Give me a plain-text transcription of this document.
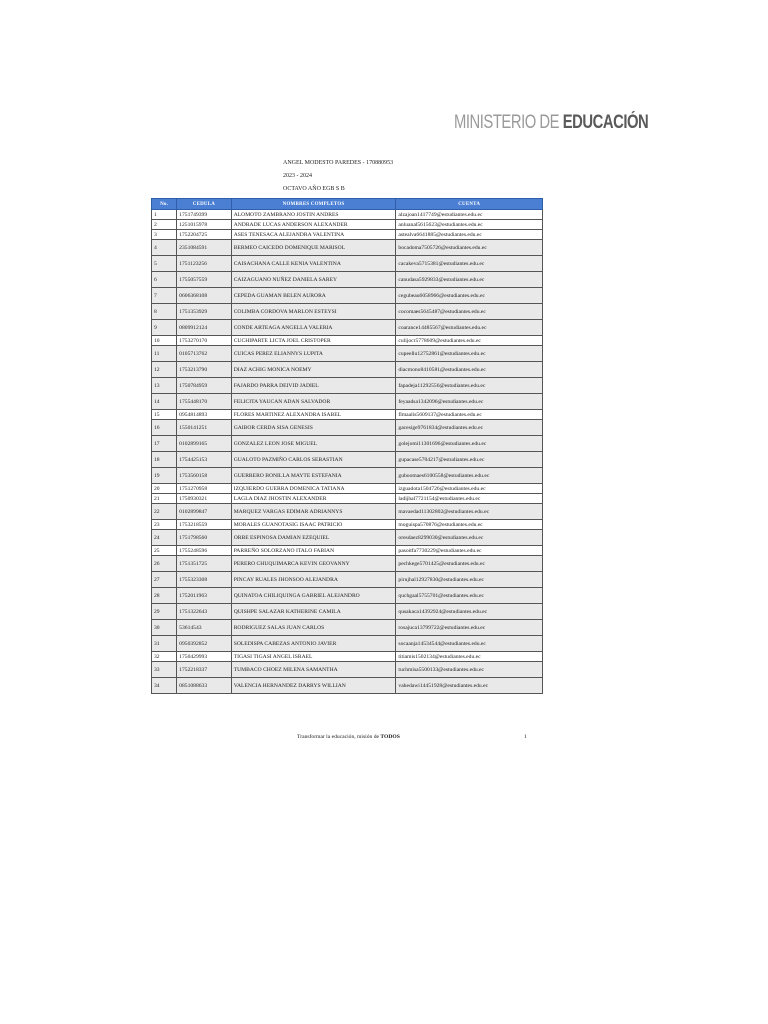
MINISTERIO DE EDUCACIÓN
ANGEL MODESTO PAREDES - 170880953
2023 - 2024
OCTAVO AÑO EGB S B
No.	CEDULA	NOMBRES COMPLETOS	CUENTA
1	1751749399	ALOMOTO ZAMBRANO JOSTIN ANDRES	alzajoan1417749@estudiantes.edu.ec
2	1251015978	ANDRADE LUCAS ANDERSON ALEXANDER	anluanal5615623@estudiantes.edu.ec
3	1752204725	ASES TENESACA ALEJANDRA VALENTINA	astealva6641885@estudiantes.edu.ec
4	2351084591	BERMEO CAICEDO DOMENIQUE MARISOL	bocadoma7505726@estudiantes.edu.ec
5	1751123256	CAISACHANA CALLE KENIA VALENTINA	cacakeva5715381@estudiantes.edu.ec
6	1755057559	CAIZAGUANO NUÑEZ DANIELA SAREY	canudasa5929833@estudiantes.edu.ec
7	0606368108	CEPEDA GUAMAN BELEN AURORA	cegubeau6058966@estudiantes.edu.ec
8	1751353929	COLIMBA CORDOVA MARLON ESTEYSI	cocomaes5645487@estudiantes.edu.ec
9	0809912124	CONDE ARTEAGA ANGELLA VALERIA	coarance14485567@estudiantes.edu.ec
10	1753270170	CUCHIPARTE LICTA JOEL CRISTOPER	culijocr5778609@estudiantes.edu.ec
11	0105713762	CUICAS PEREZ ELIANNYS LUPITA	cupeellu12752861@estudiantes.edu.ec
12	1753213790	DIAZ ACHIG MONICA NOEMY	diacmono8410581@estudiantes.edu.ec
13	1750784959	FAJARDO PARRA DEIVID JADIEL	fapadeja11292556@estudiantes.edu.ec
14	1755448170	FELICITA YAUCAN ADAN SALVADOR	feyaadsa1342096@estudiantes.edu.ec
15	0954814893	FLORES MARTINEZ ALEXANDRA ISABEL	flmaalis5609137@estudiantes.edu.ec
16	1550141251	GAIBOR CERDA SISA GENESIS	gacesige9761834@estudiantes.edu.ec
17	0102899165	GONZALEZ LEON JOSE MIGUEL	golejomi11301696@estudiantes.edu.ec
18	1754425153	GUALOTO PAZMIÑO CARLOS SEBASTIAN	gupacase5704217@estudiantes.edu.ec
19	1753560158	GUERRERO BONILLA MAYTE ESTEFANIA	guboomaes6100558@estudiantes.edu.ec
20	1751270958	IZQUIERDO GUERRA DOMENICA TATIANA	izguadota1504726@estudiantes.edu.ec
21	1750930321	LAGLA DIAZ JHOSTIN ALEXANDER	ladijhal7721154@estudiantes.edu.ec
22	0102899847	MARQUEZ VARGAS EDIMAR ADRIANNYS	mavaedad11302802@estudiantes.edu.ec
23	1753218559	MORALES GUANOTASIG ISAAC PATRICIO	moguispa570876@estudiantes.edu.ec
24	1751798560	ORBE ESPINOSA DAMIAN EZEQUIEL	oresdaez8299030@estudiantes.edu.ec
25	1755248596	PARREÑO SOLORZANO ITALO FABIAN	pasoitfa7730229@estudiantes.edu.ec
26	1751351725	PERERO CHUQUIMARCA KEVIN GEOVANNY	pechkege5701425@estudiantes.edu.ec
27	1755323308	PINCAY RUALES JHONSOO ALEJANDRA	pirujhal12927830@estudiantes.edu.ec
28	1752011963	QUINATOA CHILIQUINGA GABRIEL ALEJANDRO	quchgaal5755701@estudiantes.edu.ec
29	1751322643	QUISHPE SALAZAR KATHERINE CAMILA	qusakaca14392924@estudiantes.edu.ec
30	53614543	RODRIGUEZ SALAS JUAN CARLOS	rosajuca13799722@estudiantes.edu.ec
31	0950392852	SOLEDISPA CABEZAS ANTONIO JAVIER	socaanja14534544@estudiantes.edu.ec
32	1750429993	TIGASI TIGASI ANGEL ISRAEL	titiamis1502134@estudiantes.edu.ec
33	1752218337	TUMBACO CHOEZ MILENA SAMANTHA	tuchmisa5500133@estudiantes.edu.ec
34	0851088633	VALENCIA HERNANDEZ DARRYS WILLIAN	vahedawi14451928@estudiantes.edu.ec
Transformar la educación, misión de TODOS	1
